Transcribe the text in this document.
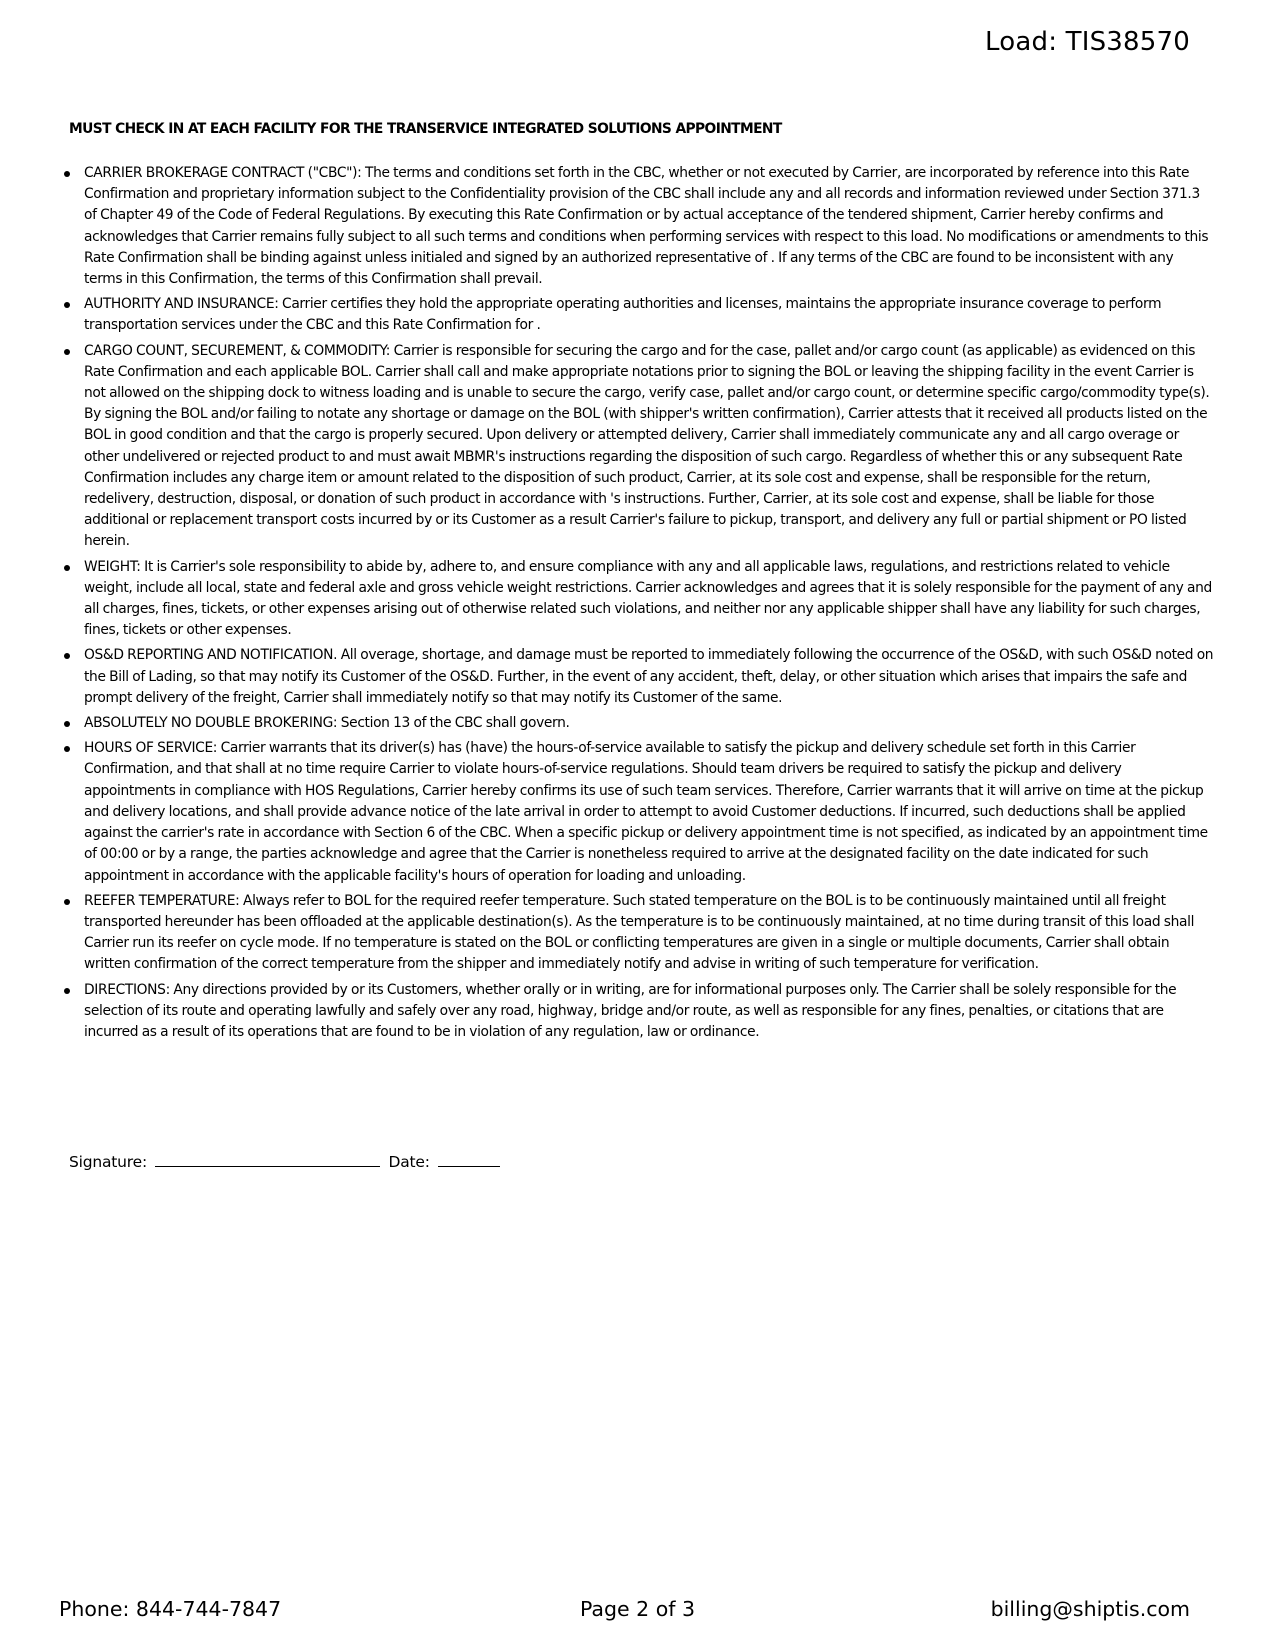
Load: TIS38570
MUST CHECK IN AT EACH FACILITY FOR THE TRANSERVICE INTEGRATED SOLUTIONS APPOINTMENT
CARRIER BROKERAGE CONTRACT ("CBC"): The terms and conditions set forth in the CBC, whether or not executed by Carrier, are incorporated by reference into this Rate Confirmation and proprietary information subject to the Confidentiality provision of the CBC shall include any and all records and information reviewed under Section 371.3 of Chapter 49 of the Code of Federal Regulations. By executing this Rate Confirmation or by actual acceptance of the tendered shipment, Carrier hereby confirms and acknowledges that Carrier remains fully subject to all such terms and conditions when performing services with respect to this load. No modifications or amendments to this Rate Confirmation shall be binding against unless initialed and signed by an authorized representative of . If any terms of the CBC are found to be inconsistent with any terms in this Confirmation, the terms of this Confirmation shall prevail.
AUTHORITY AND INSURANCE: Carrier certifies they hold the appropriate operating authorities and licenses, maintains the appropriate insurance coverage to perform transportation services under the CBC and this Rate Confirmation for .
CARGO COUNT, SECUREMENT, & COMMODITY: Carrier is responsible for securing the cargo and for the case, pallet and/or cargo count (as applicable) as evidenced on this Rate Confirmation and each applicable BOL. Carrier shall call and make appropriate notations prior to signing the BOL or leaving the shipping facility in the event Carrier is not allowed on the shipping dock to witness loading and is unable to secure the cargo, verify case, pallet and/or cargo count, or determine specific cargo/commodity type(s). By signing the BOL and/or failing to notate any shortage or damage on the BOL (with shipper's written confirmation), Carrier attests that it received all products listed on the BOL in good condition and that the cargo is properly secured. Upon delivery or attempted delivery, Carrier shall immediately communicate any and all cargo overage or other undelivered or rejected product to and must await MBMR's instructions regarding the disposition of such cargo. Regardless of whether this or any subsequent Rate Confirmation includes any charge item or amount related to the disposition of such product, Carrier, at its sole cost and expense, shall be responsible for the return, redelivery, destruction, disposal, or donation of such product in accordance with 's instructions. Further, Carrier, at its sole cost and expense, shall be liable for those additional or replacement transport costs incurred by or its Customer as a result Carrier's failure to pickup, transport, and delivery any full or partial shipment or PO listed herein.
WEIGHT: It is Carrier's sole responsibility to abide by, adhere to, and ensure compliance with any and all applicable laws, regulations, and restrictions related to vehicle weight, include all local, state and federal axle and gross vehicle weight restrictions. Carrier acknowledges and agrees that it is solely responsible for the payment of any and all charges, fines, tickets, or other expenses arising out of otherwise related such violations, and neither nor any applicable shipper shall have any liability for such charges, fines, tickets or other expenses.
OS&D REPORTING AND NOTIFICATION. All overage, shortage, and damage must be reported to immediately following the occurrence of the OS&D, with such OS&D noted on the Bill of Lading, so that may notify its Customer of the OS&D. Further, in the event of any accident, theft, delay, or other situation which arises that impairs the safe and prompt delivery of the freight, Carrier shall immediately notify so that may notify its Customer of the same.
ABSOLUTELY NO DOUBLE BROKERING: Section 13 of the CBC shall govern.
HOURS OF SERVICE: Carrier warrants that its driver(s) has (have) the hours-of-service available to satisfy the pickup and delivery schedule set forth in this Carrier Confirmation, and that shall at no time require Carrier to violate hours-of-service regulations. Should team drivers be required to satisfy the pickup and delivery appointments in compliance with HOS Regulations, Carrier hereby confirms its use of such team services. Therefore, Carrier warrants that it will arrive on time at the pickup and delivery locations, and shall provide advance notice of the late arrival in order to attempt to avoid Customer deductions. If incurred, such deductions shall be applied against the carrier's rate in accordance with Section 6 of the CBC. When a specific pickup or delivery appointment time is not specified, as indicated by an appointment time of 00:00 or by a range, the parties acknowledge and agree that the Carrier is nonetheless required to arrive at the designated facility on the date indicated for such appointment in accordance with the applicable facility's hours of operation for loading and unloading.
REEFER TEMPERATURE: Always refer to BOL for the required reefer temperature. Such stated temperature on the BOL is to be continuously maintained until all freight transported hereunder has been offloaded at the applicable destination(s). As the temperature is to be continuously maintained, at no time during transit of this load shall Carrier run its reefer on cycle mode. If no temperature is stated on the BOL or conflicting temperatures are given in a single or multiple documents, Carrier shall obtain written confirmation of the correct temperature from the shipper and immediately notify and advise in writing of such temperature for verification.
DIRECTIONS: Any directions provided by or its Customers, whether orally or in writing, are for informational purposes only. The Carrier shall be solely responsible for the selection of its route and operating lawfully and safely over any road, highway, bridge and/or route, as well as responsible for any fines, penalties, or citations that are incurred as a result of its operations that are found to be in violation of any regulation, law or ordinance.
Signature:	Date:
Page 2 of 3
Phone: 844-744-7847	billing@shiptis.com
